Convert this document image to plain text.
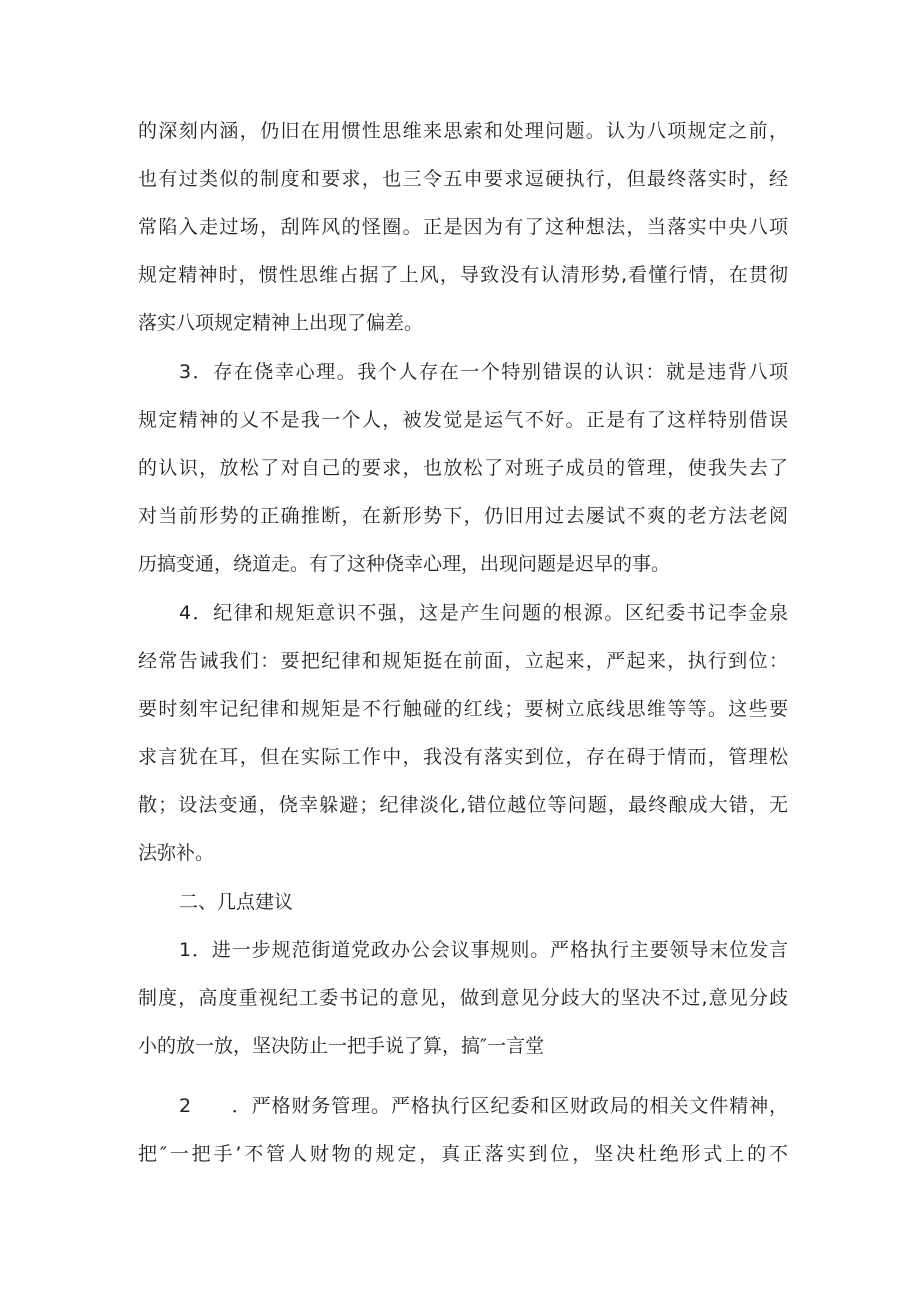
的深刻内涵，仍旧在用惯性思维来思索和处理问题。认为八项规定之前，

也有过类似的制度和要求，也三令五申要求逗硬执行，但最终落实时，经

常陷入走过场，刮阵风的怪圈。正是因为有了这种想法，当落实中央八项

规定精神时，惯性思维占据了上风，导致没有认清形势,看懂行情，在贯彻

落实八项规定精神上出现了偏差。

3．存在侥幸心理。我个人存在一个特别错误的认识：就是违背八项

规定精神的乂不是我一个人，被发觉是运气不好。正是有了这样特别借误

的认识，放松了对自己的要求，也放松了对班子成员的管理，使我失去了

对当前形势的正确推断，在新形势下，仍旧用过去屡试不爽的老方法老阅

历搞变通，绕道走。有了这种侥幸心理，出现问题是迟早的事。

4．纪律和规矩意识不强，这是产生问题的根源。区纪委书记李金泉

经常告诫我们：要把纪律和规矩挺在前面，立起来，严起来，执行到位：

要时刻牢记纪律和规矩是不行触碰的红线；要树立底线思维等等。这些要

求言犹在耳，但在实际工作中，我没有落实到位，存在碍于情而，管理松

散；设法变通，侥幸躲避；纪律淡化,错位越位等问题，最终酿成大错，无

法弥补。

二、几点建议

1．进一步规范街道党政办公会议事规则。严格执行主要领导末位发言

制度，高度重视纪工委书记的意见，做到意见分歧大的坚决不过,意见分歧

小的放一放，坚决防止一把手说了算，搞″一言堂

2　　．严格财务管理。严格执行区纪委和区财政局的相关文件精神，

把″一把手’不管人财物的规定，真正落实到位，坚决杜绝形式上的不
